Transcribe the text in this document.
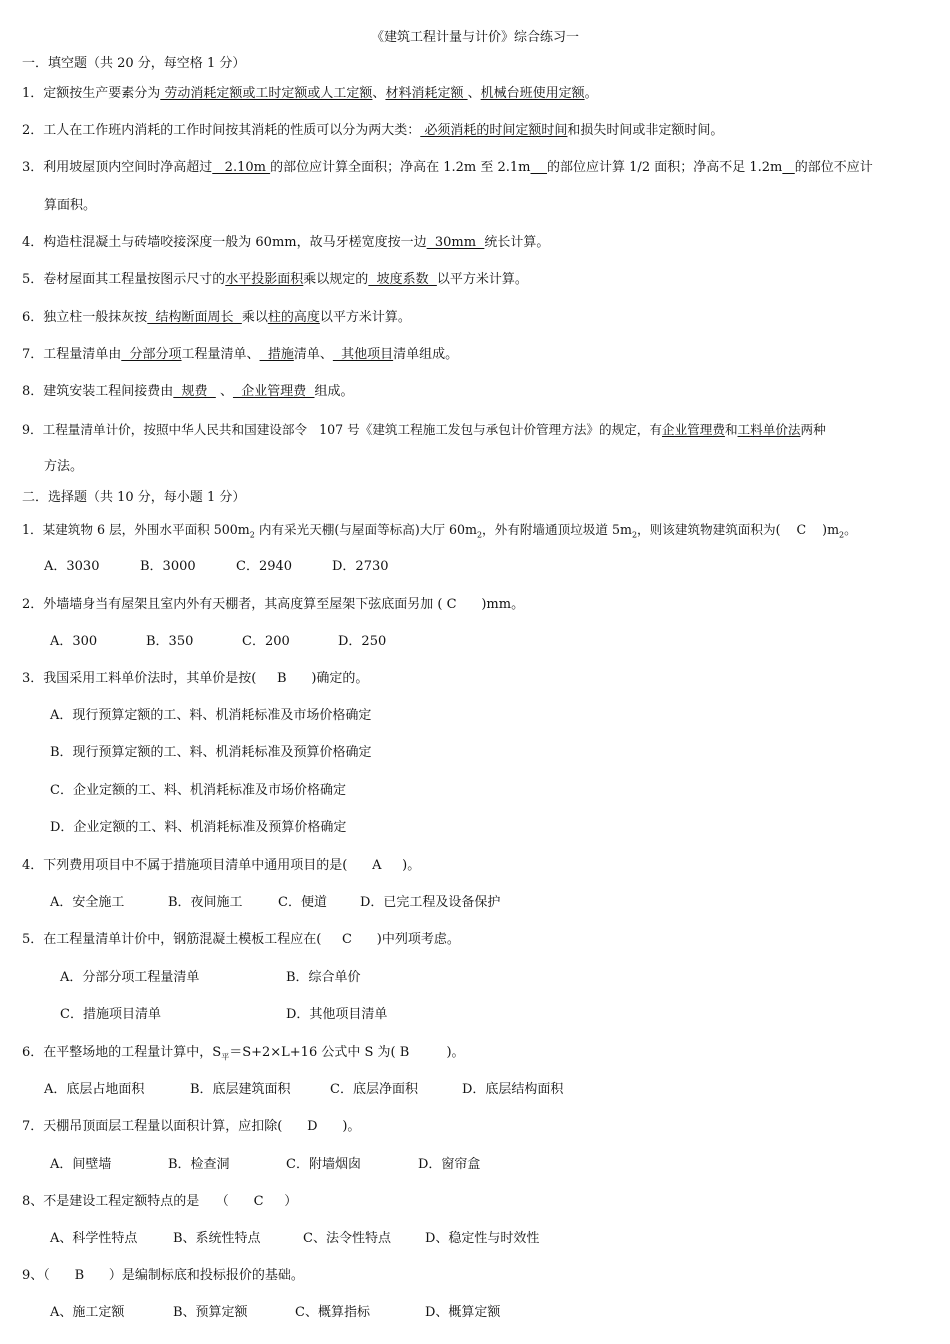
《建筑工程计量与计价》综合练习一
一．填空题（共 20 分，每空格 1 分）
1．定额按生产要素分为 劳动消耗定额或工时定额或人工定额、材料消耗定额 、机械台班使用定额。
2．工人在工作班内消耗的工作时间按其消耗的性质可以分为两大类： 必须消耗的时间定额时间和损失时间或非定额时间。
3．利用坡屋顶内空间时净高超过   2.10m 的部位应计算全面积；净高在 1.2m 至 2.1m 的部位应计算 1/2 面积；净高不足 1.2m 的部位不应计
算面积。
4．构造柱混凝土与砖墙咬接深度一般为 60mm，故马牙槎宽度按一边  30mm  统长计算。
5．卷材屋面其工程量按图示尺寸的水平投影面积乘以规定的  坡度系数  以平方米计算。
6．独立柱一般抹灰按  结构断面周长  乘以柱的高度以平方米计算。
7．工程量清单由  分部分项工程量清单、  措施清单、  其他项目清单组成。
8．建筑安装工程间接费由  规费   、  企业管理费  组成。
9．工程量清单计价，按照中华人民共和国建设部令   107 号《建筑工程施工发包与承包计价管理方法》的规定，有企业管理费和工料单价法两种
方法。
二．选择题（共 10 分，每小题 1 分）
1．某建筑物 6 层，外围水平面积 $500m_2$ 内有采光天棚(与屋面等标高)大厅 $60m_2$，外有附墙通顶垃圾道 $5m_2$，则该建筑物建筑面积为(    C    )$m_2$。
A．3030	B．3000	C．2940	D．2730
2．外墙墙身当有屋架且室内外有天棚者，其高度算至屋架下弦底面另加 ( C      )mm。
A．300	B．350	C．200	D．250
3．我国采用工料单价法时，其单价是按(     B      )确定的。
A．现行预算定额的工、料、机消耗标准及市场价格确定
B．现行预算定额的工、料、机消耗标准及预算价格确定
C．企业定额的工、料、机消耗标准及市场价格确定
D．企业定额的工、料、机消耗标准及预算价格确定
4．下列费用项目中不属于措施项目清单中通用项目的是(      A     )。
A．安全施工	B．夜间施工	C．便道	D．已完工程及设备保护
5．在工程量清单计价中，钢筋混凝土模板工程应在(     C      )中列项考虑。
A．分部分项工程量清单	B．综合单价
C．措施项目清单	D．其他项目清单
6．在平整场地的工程量计算中，$S_平=S+2\times L+16$ 公式中 S 为( B         )。
A．底层占地面积	B．底层建筑面积	C．底层净面积	D．底层结构面积
7．天棚吊顶面层工程量以面积计算，应扣除(      D      )。
A．间壁墙	B．检查洞	C．附墙烟囱	D．窗帘盒
8、不是建设工程定额特点的是    （      C     ）
A、科学性特点	B、系统性特点	C、法令性特点	D、稳定性与时效性
9、（      B      ）是编制标底和投标报价的基础。
A、施工定额	B、预算定额	C、概算指标	D、概算定额
